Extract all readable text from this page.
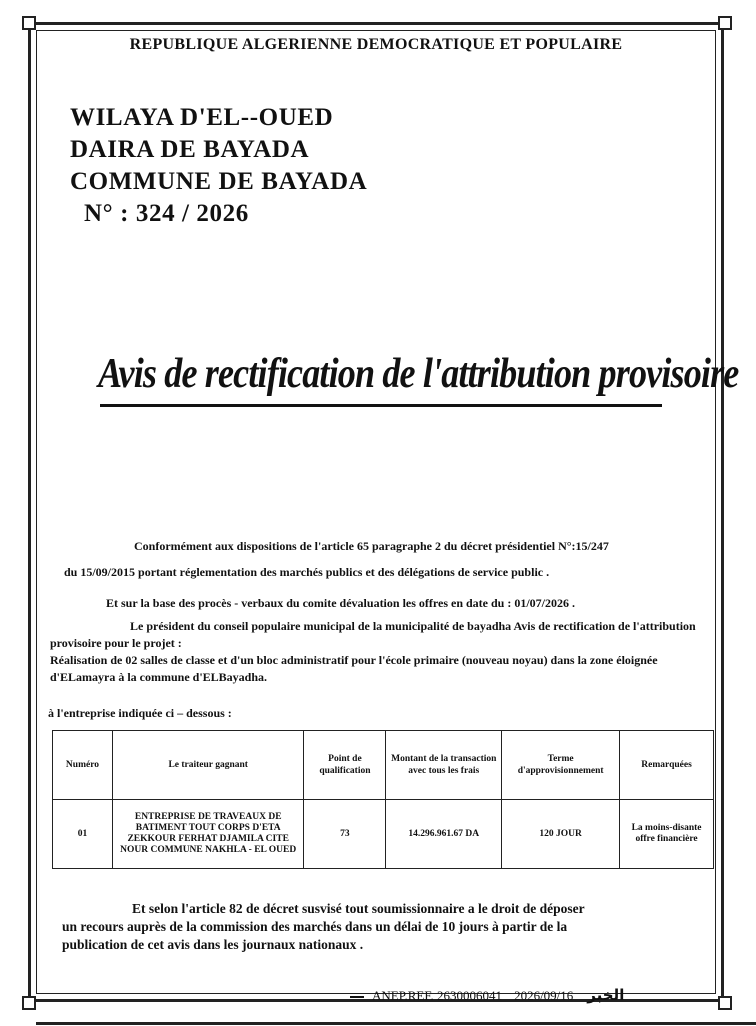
REPUBLIQUE ALGERIENNE DEMOCRATIQUE ET POPULAIRE
WILAYA D'EL--OUED
DAIRA DE BAYADA
COMMUNE DE BAYADA
N° : 324 / 2026
Avis de rectification de l'attribution provisoire
Conformément aux dispositions de l'article 65 paragraphe 2 du décret présidentiel N°:15/247
du 15/09/2015 portant réglementation des marchés publics et des délégations de service public .
Et sur la base des procès - verbaux du comite dévaluation les offres en date du : 01/07/2026 .
Le président du conseil populaire municipal de la municipalité de bayadha Avis de rectification de l'attribution provisoire pour le projet :
Réalisation de 02 salles de classe et d'un bloc administratif pour l'école primaire (nouveau noyau) dans la zone éloignée d'ELamayra à la commune d'ELBayadha.
à l'entreprise indiquée ci – dessous :
Numéro	Le traiteur gagnant	Point de qualification	Montant de la transaction avec tous les frais	Terme d'approvisionnement	Remarquées
01	ENTREPRISE DE TRAVEAUX DE BATIMENT TOUT CORPS D'ETA ZEKKOUR FERHAT DJAMILA CITE NOUR COMMUNE NAKHLA - EL OUED	73	14.296.961.67 DA	120 JOUR	La moins-disante offre financière
Et selon l'article 82 de décret susvisé tout soumissionnaire a le droit de déposer
un recours auprès de la commission des marchés dans un délai de 10 jours à partir de la
publication de cet avis dans les journaux nationaux .
ANEP.REF. 2630006041 2026/09/16 الخبر
